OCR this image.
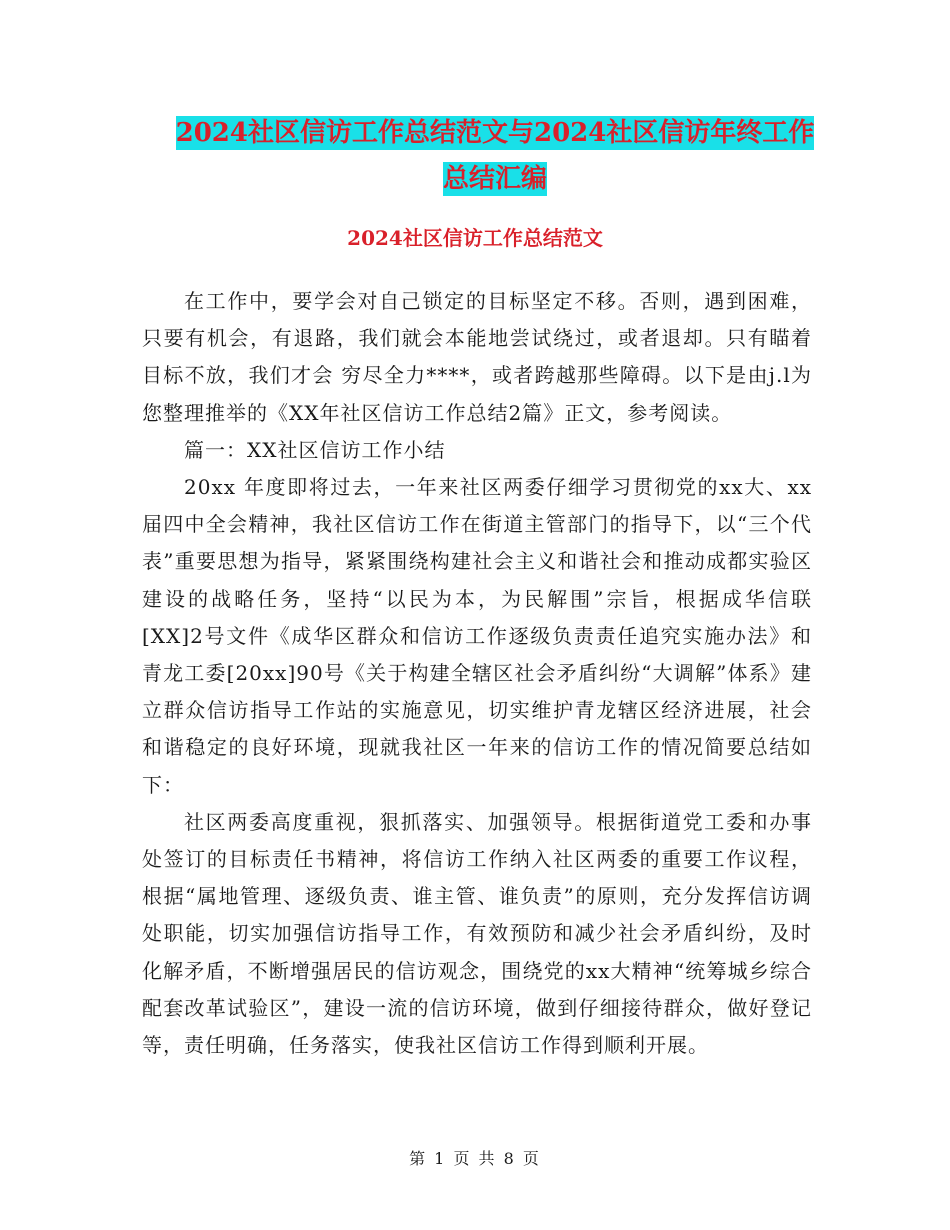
2024社区信访工作总结范文与2024社区信访年终工作
总结汇编
2024社区信访工作总结范文

在工作中，要学会对自己锁定的目标坚定不移。否则，遇到困难，只要有机会，有退路，我们就会本能地尝试绕过，或者退却。只有瞄着目标不放，我们才会 穷尽全力****，或者跨越那些障碍。以下是由j.l为您整理推举的《XX年社区信访工作总结2篇》正文，参考阅读。

篇一：XX社区信访工作小结

20xx 年度即将过去，一年来社区两委仔细学习贯彻党的xx大、xx届四中全会精神，我社区信访工作在街道主管部门的指导下，以“三个代表”重要思想为指导，紧紧围绕构建社会主义和谐社会和推动成都实验区建设的战略任务，坚持“以民为本，为民解围”宗旨，根据成华信联[XX]2号文件《成华区群众和信访工作逐级负责责任追究实施办法》和青龙工委[20xx]90号《关于构建全辖区社会矛盾纠纷“大调解”体系》建立群众信访指导工作站的实施意见，切实维护青龙辖区经济进展，社会和谐稳定的良好环境，现就我社区一年来的信访工作的情况简要总结如下：

社区两委高度重视，狠抓落实、加强领导。根据街道党工委和办事处签订的目标责任书精神，将信访工作纳入社区两委的重要工作议程，根据“属地管理、逐级负责、谁主管、谁负责”的原则，充分发挥信访调处职能，切实加强信访指导工作，有效预防和减少社会矛盾纠纷，及时化解矛盾，不断增强居民的信访观念，围绕党的xx大精神“统筹城乡综合配套改革试验区”，建设一流的信访环境，做到仔细接待群众，做好登记等，责任明确，任务落实，使我社区信访工作得到顺利开展。

第 1 页 共 8 页
